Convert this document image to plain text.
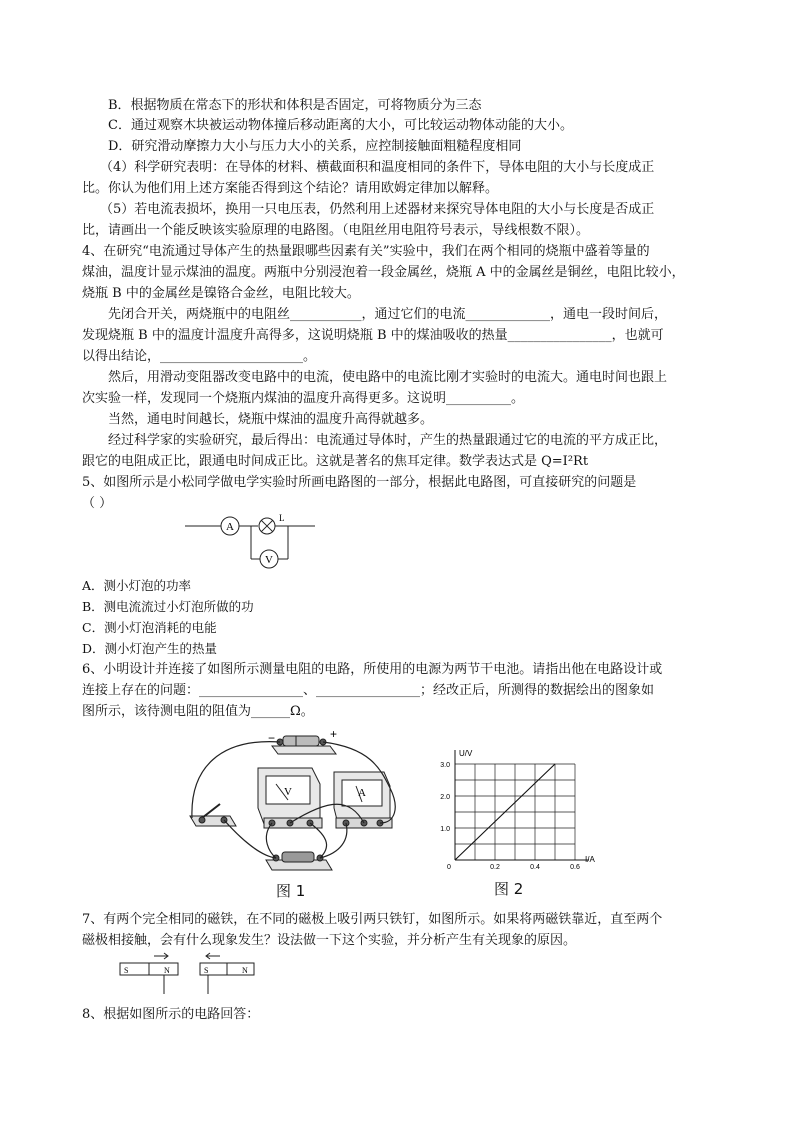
B．根据物质在常态下的形状和体积是否固定，可将物质分为三态
C．通过观察木块被运动物体撞后移动距离的大小，可比较运动物体动能的大小。
D．研究滑动摩擦力大小与压力大小的关系，应控制接触面粗糙程度相同
（4）科学研究表明：在导体的材料、横截面积和温度相同的条件下，导体电阻的大小与长度成正
比。你认为他们用上述方案能否得到这个结论？请用欧姆定律加以解释。
（5）若电流表损坏，换用一只电压表，仍然利用上述器材来探究导体电阻的大小与长度是否成正
比，请画出一个能反映该实验原理的电路图。（电阻丝用电阻符号表示，导线根数不限）。
4、在研究“电流通过导体产生的热量跟哪些因素有关”实验中，我们在两个相同的烧瓶中盛着等量的
煤油，温度计显示煤油的温度。两瓶中分别浸泡着一段金属丝，烧瓶 A 中的金属丝是铜丝，电阻比较小，
烧瓶 B 中的金属丝是镍铬合金丝，电阻比较大。
先闭合开关，两烧瓶中的电阻丝___________，通过它们的电流_____________，通电一段时间后，
发现烧瓶 B 中的温度计温度升高得多，这说明烧瓶 B 中的煤油吸收的热量________________，也就可
以得出结论，______________________。
然后，用滑动变阻器改变电路中的电流，使电路中的电流比刚才实验时的电流大。通电时间也跟上
次实验一样，发现同一个烧瓶内煤油的温度升高得更多。这说明__________。
当然，通电时间越长，烧瓶中煤油的温度升高得就越多。
经过科学家的实验研究，最后得出：电流通过导体时，产生的热量跟通过它的电流的平方成正比，
跟它的电阻成正比，跟通电时间成正比。这就是著名的焦耳定律。数学表达式是 Q=I²Rt
5、如图所示是小松同学做电学实验时所画电路图的一部分，根据此电路图，可直接研究的问题是
（ ）
A
V
L
A．测小灯泡的功率
B．测电流流过小灯泡所做的功
C．测小灯泡消耗的电能
D．测小灯泡产生的热量
6、小明设计并连接了如图所示测量电阻的电路，所使用的电源为两节干电池。请指出他在电路设计或
连接上存在的问题：________________、________________；经改正后，所测得的数据绘出的图象如
图所示，该待测电阻的阻值为______Ω。
−	+
V	A
图 1
U/V
I/A
0	0.2	0.4	0.6
1.0
2.0
3.0
图 2
7、有两个完全相同的磁铁，在不同的磁极上吸引两只铁钉，如图所示。如果将两磁铁靠近，直至两个
磁极相接触，会有什么现象发生？设法做一下这个实验，并分析产生有关现象的原因。
S	N	S	N
8、根据如图所示的电路回答：
